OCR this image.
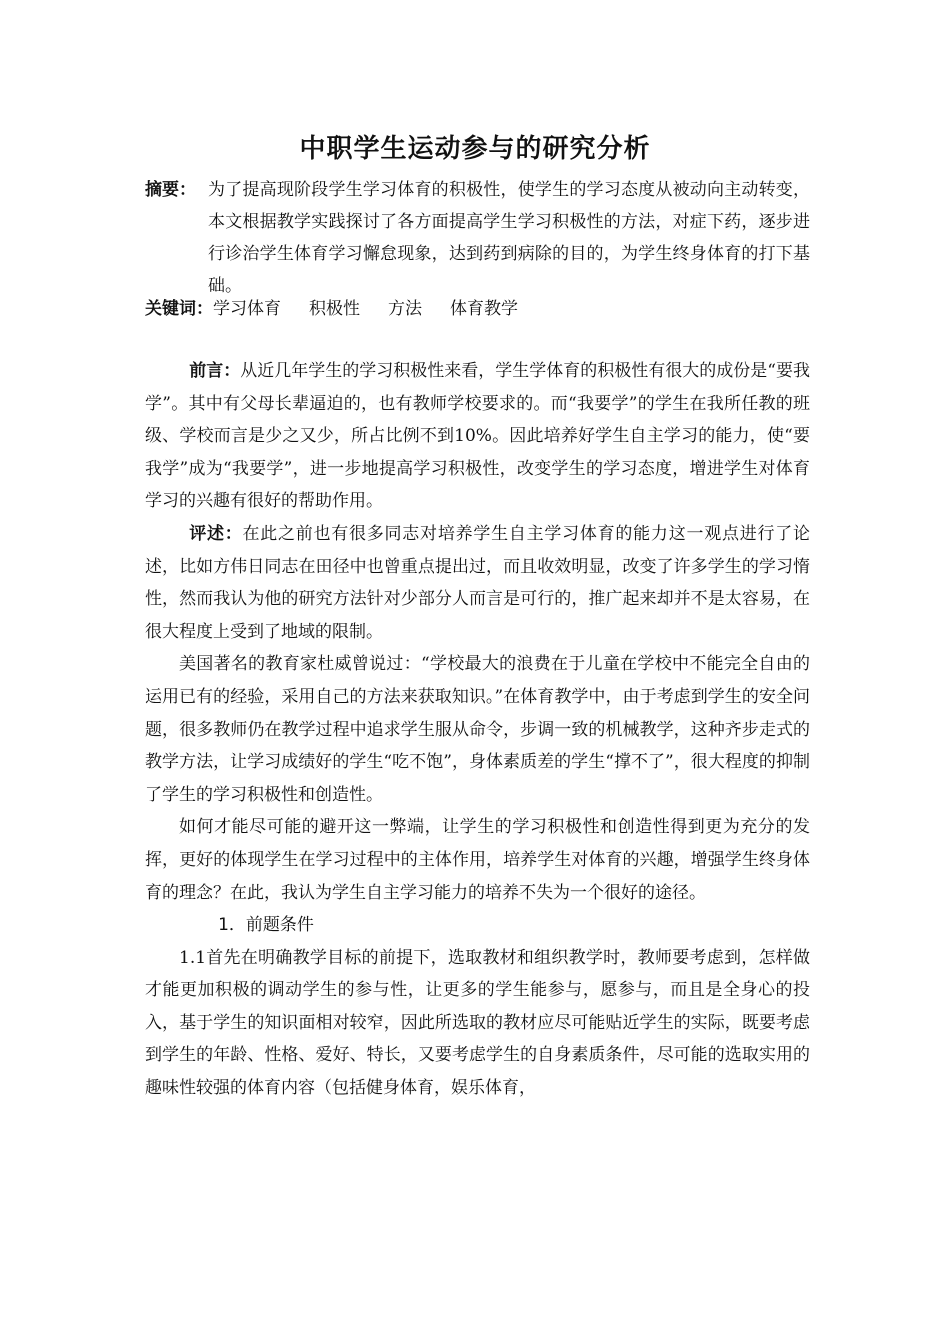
中职学生运动参与的研究分析
摘要： 为了提高现阶段学生学习体育的积极性，使学生的学习态度从被动向主动转变，本文根据教学实践探讨了各方面提高学生学习积极性的方法，对症下药，逐步进行诊治学生体育学习懈怠现象，达到药到病除的目的，为学生终身体育的打下基础。
关键词：学习体育 积极性 方法 体育教学

前言：从近几年学生的学习积极性来看，学生学体育的积极性有很大的成份是“要我学”。其中有父母长辈逼迫的，也有教师学校要求的。而“我要学”的学生在我所任教的班级、学校而言是少之又少，所占比例不到10%。因此培养好学生自主学习的能力，使“要我学”成为“我要学”，进一步地提高学习积极性，改变学生的学习态度，增进学生对体育学习的兴趣有很好的帮助作用。

评述：在此之前也有很多同志对培养学生自主学习体育的能力这一观点进行了论述，比如方伟日同志在田径中也曾重点提出过，而且收效明显，改变了许多学生的学习惰性，然而我认为他的研究方法针对少部分人而言是可行的，推广起来却并不是太容易，在很大程度上受到了地域的限制。

美国著名的教育家杜威曾说过：“学校最大的浪费在于儿童在学校中不能完全自由的运用已有的经验，采用自己的方法来获取知识。”在体育教学中，由于考虑到学生的安全问题，很多教师仍在教学过程中追求学生服从命令，步调一致的机械教学，这种齐步走式的教学方法，让学习成绩好的学生“吃不饱”，身体素质差的学生“撑不了”，很大程度的抑制了学生的学习积极性和创造性。

如何才能尽可能的避开这一弊端，让学生的学习积极性和创造性得到更为充分的发挥，更好的体现学生在学习过程中的主体作用，培养学生对体育的兴趣，增强学生终身体育的理念？在此，我认为学生自主学习能力的培养不失为一个很好的途径。

1．前题条件

1.1首先在明确教学目标的前提下，选取教材和组织教学时，教师要考虑到，怎样做才能更加积极的调动学生的参与性，让更多的学生能参与，愿参与，而且是全身心的投入，基于学生的知识面相对较窄，因此所选取的教材应尽可能贴近学生的实际，既要考虑到学生的年龄、性格、爱好、特长，又要考虑学生的自身素质条件，尽可能的选取实用的趣味性较强的体育内容（包括健身体育，娱乐体育，
